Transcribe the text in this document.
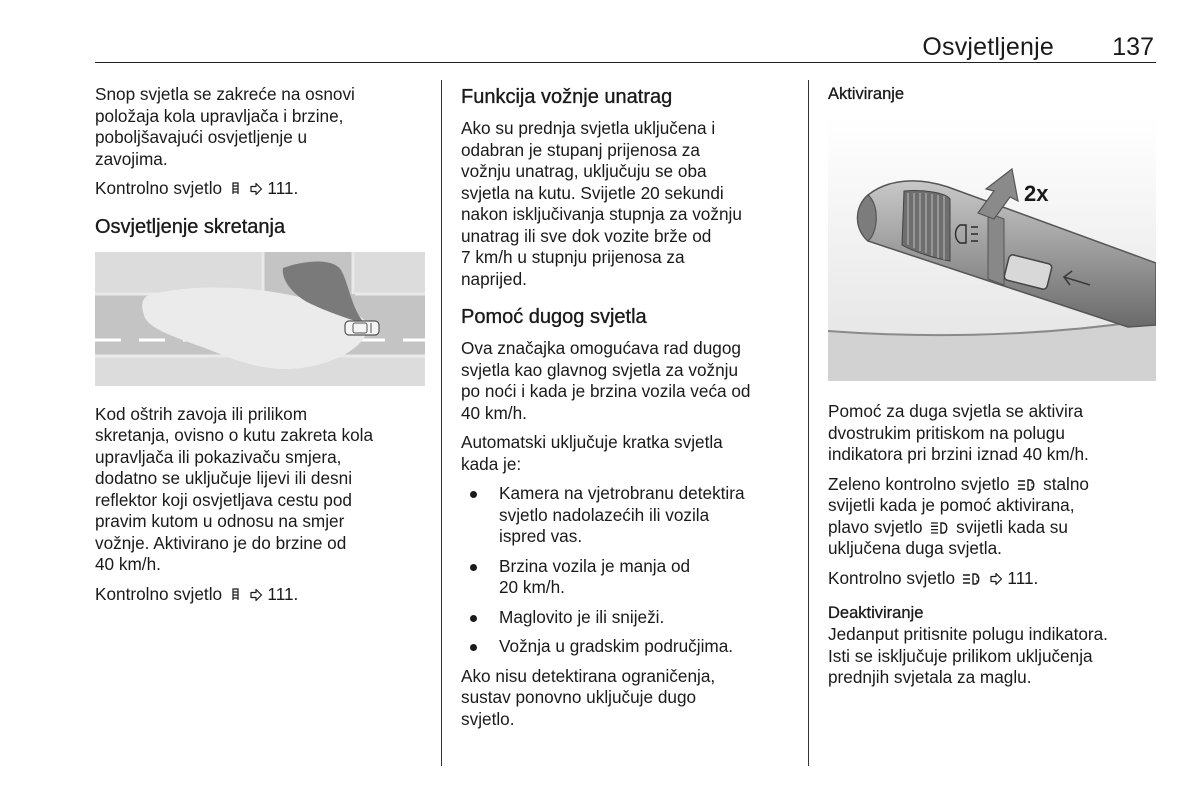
Osvjetljenje 137

Snop svjetla se zakreće na osnovi
položaja kola upravljača i brzine,
poboljšavajući osvjetljenje u
zavojima.

Kontrolno svjetlo	111.

Osvjetljenje skretanja

Kod oštrih zavoja ili prilikom
skretanja, ovisno o kutu zakreta kola
upravljača ili pokazivaču smjera,
dodatno se uključuje lijevi ili desni
reflektor koji osvjetljava cestu pod
pravim kutom u odnosu na smjer
vožnje. Aktivirano je do brzine od
40 km/h.

Kontrolno svjetlo	111.

Funkcija vožnje unatrag

Ako su prednja svjetla uključena i
odabran je stupanj prijenosa za
vožnju unatrag, uključuju se oba
svjetla na kutu. Svijetle 20 sekundi
nakon isključivanja stupnja za vožnju
unatrag ili sve dok vozite brže od
7 km/h u stupnju prijenosa za
naprijed.

Pomoć dugog svjetla

Ova značajka omogućava rad dugog
svjetla kao glavnog svjetla za vožnju
po noći i kada je brzina vozila veća od
40 km/h.

Automatski uključuje kratka svjetla
kada je:

Kamera na vjetrobranu detektira
svjetlo nadolazećih ili vozila
ispred vas.
Brzina vozila je manja od
20 km/h.
Maglovito je ili sniježi.
Vožnja u gradskim područjima.

Ako nisu detektirana ograničenja,
sustav ponovno uključuje dugo
svjetlo.

Aktiviranje
2x

Pomoć za duga svjetla se aktivira
dvostrukim pritiskom na polugu
indikatora pri brzini iznad 40 km/h.

Zeleno kontrolno svjetlo stalno
svijetli kada je pomoć aktivirana,
plavo svjetlo svijetli kada su
uključena duga svjetla.

Kontrolno svjetlo	111.

Deaktiviranje

Jedanput pritisnite polugu indikatora.
Isti se isključuje prilikom uključenja
prednjih svjetala za maglu.
